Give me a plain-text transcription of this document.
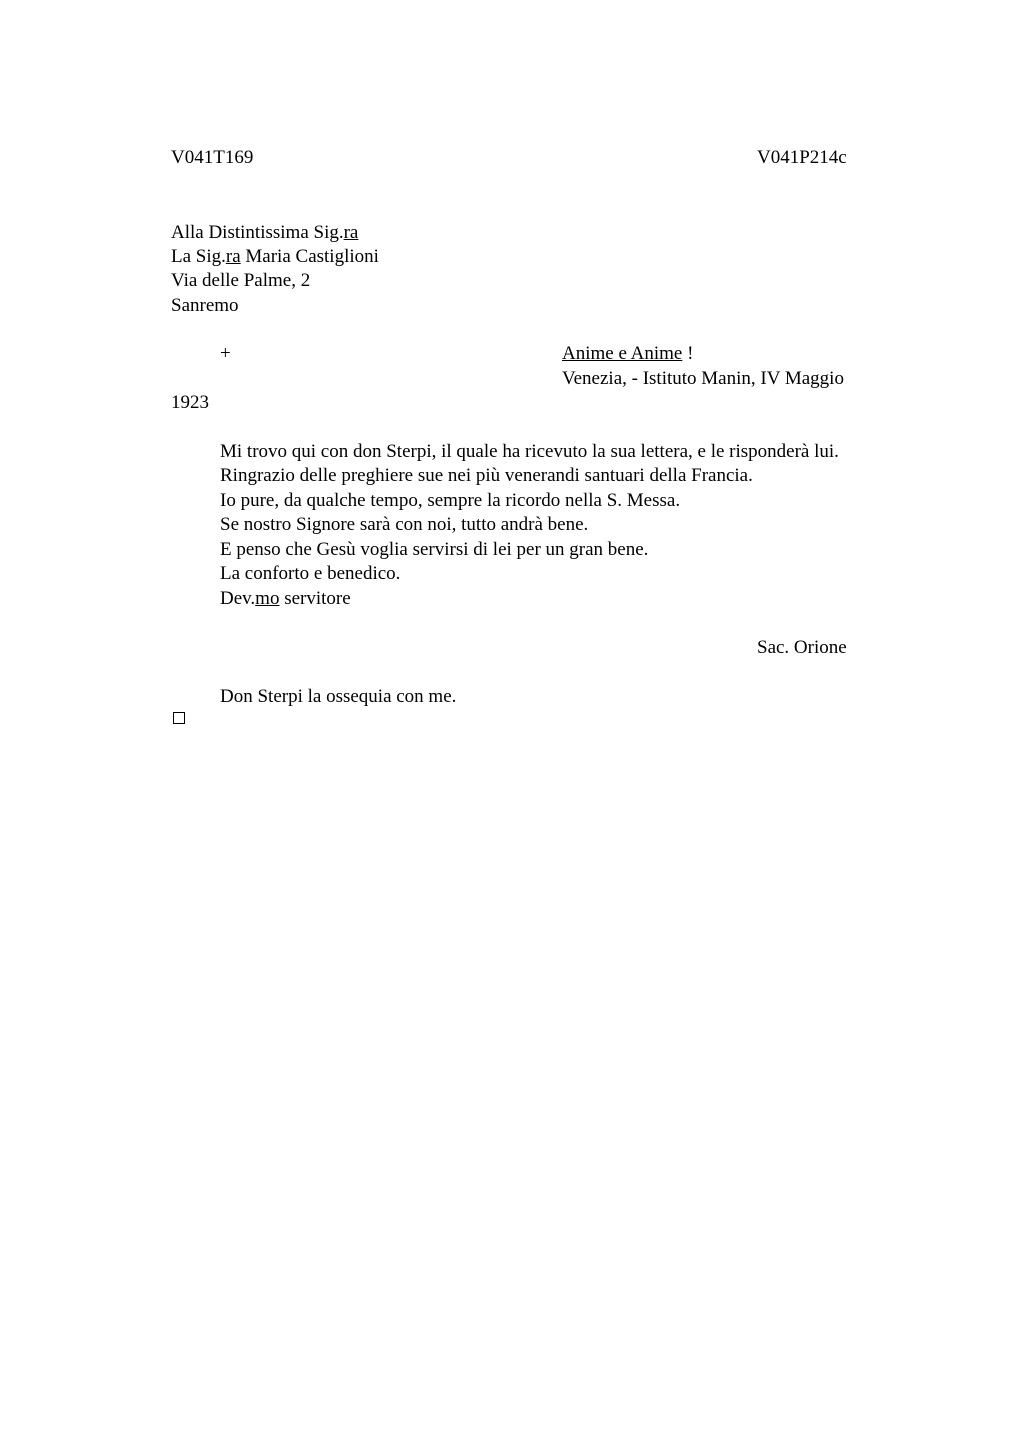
V041T169	V041P214c
Alla Distintissima Sig.ra
La Sig.ra Maria Castiglioni
Via delle Palme, 2
Sanremo
+	Anime e Anime !
Venezia, - Istituto Manin, IV Maggio
1923
Mi trovo qui con don Sterpi, il quale ha ricevuto la sua lettera, e le risponderà lui.
Ringrazio delle preghiere sue nei più venerandi santuari della Francia.
Io pure, da qualche tempo, sempre la ricordo nella S. Messa.
Se nostro Signore sarà con noi, tutto andrà bene.
E penso che Gesù voglia servirsi di lei per un gran bene.
La conforto e benedico.
Dev.mo servitore
Sac. Orione
Don Sterpi la ossequia con me.
